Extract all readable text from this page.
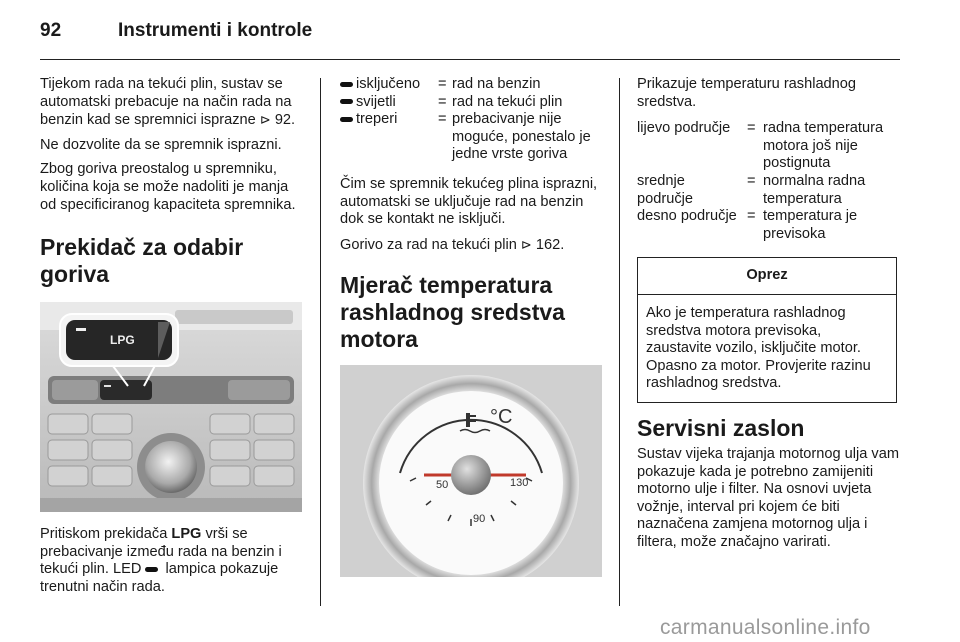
92	Instrumenti i kontrole

Tijekom rada na tekući plin, sustav se automatski prebacuje na način rada na benzin kad se spremnici isprazne ⊳ 92.

Ne dozvolite da se spremnik isprazni.

Zbog goriva preostalog u spremniku, količina koja se može nadoliti je manja od specificiranog kapaciteta spremnika.

Prekidač za odabir goriva
LPG

Pritiskom prekidača LPG vrši se prebacivanje između rada na benzin i tekući plin. LED lampica pokazuje trenutni način rada.

isključeno	=	rad na benzin
svijetli	=	rad na tekući plin
treperi	=	prebacivanje nije moguće, ponestalo je jedne vrste goriva

Čim se spremnik tekućeg plina isprazni, automatski se uključuje rad na benzin dok se kontakt ne isključi.

Gorivo za rad na tekući plin ⊳ 162.

Mjerač temperatura rashladnog sredstva motora
°C
50
90
130

Prikazuje temperaturu rashladnog sredstva.

lijevo područje	=	radna temperatura motora još nije postignuta
srednje područje	=	normalna radna temperatura
desno područje	=	temperatura je previsoka
Oprez
Ako je temperatura rashladnog sredstva motora previsoka, zaustavite vozilo, isključite motor. Opasno za motor. Provjerite razinu rashladnog sredstva.
Servisni zaslon

Sustav vijeka trajanja motornog ulja vam pokazuje kada je potrebno zamijeniti motorno ulje i filter. Na osnovi uvjeta vožnje, interval pri kojem će biti naznačena zamjena motornog ulja i filtera, može značajno varirati.

carmanualsonline.info
